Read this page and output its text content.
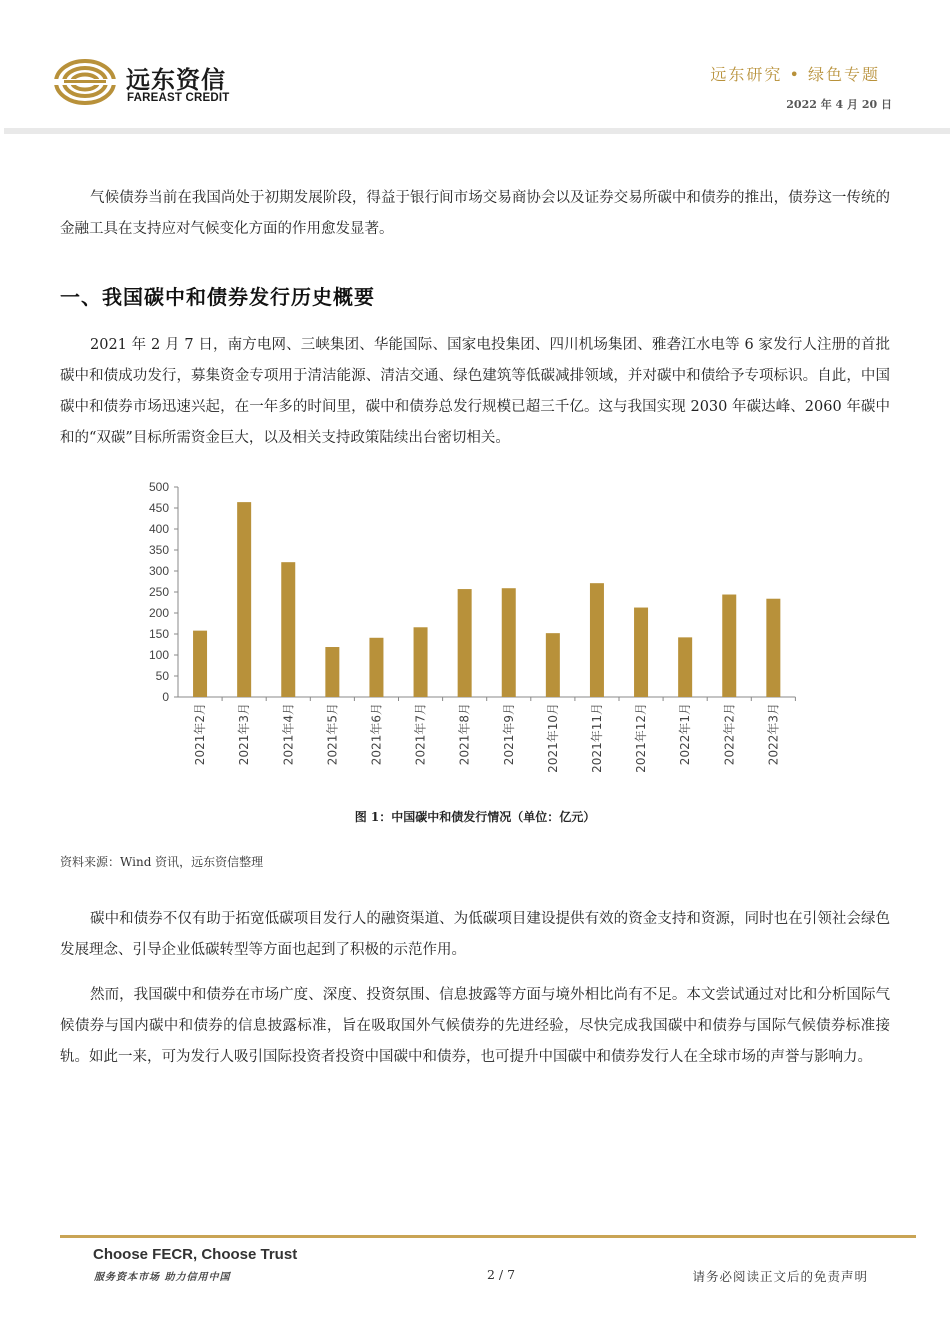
远东资信
FAREAST CREDIT
远东研究 • 绿色专题
2022 年 4 月 20 日
气候债券当前在我国尚处于初期发展阶段，得益于银行间市场交易商协会以及证券交易所碳中和债券的推出，债券这一传统的金融工具在支持应对气候变化方面的作用愈发显著。
一、我国碳中和债券发行历史概要
2021 年 2 月 7 日，南方电网、三峡集团、华能国际、国家电投集团、四川机场集团、雅砻江水电等 6 家发行人注册的首批碳中和债成功发行，募集资金专项用于清洁能源、清洁交通、绿色建筑等低碳减排领域，并对碳中和债给予专项标识。自此，中国碳中和债券市场迅速兴起，在一年多的时间里，碳中和债券总发行规模已超三千亿。这与我国实现 2030 年碳达峰、2060 年碳中和的“双碳”目标所需资金巨大，以及相关支持政策陆续出台密切相关。
0
50
100
150
200
250
300
350
400
450
500
2021年2月	2021年3月	2021年4月	2021年5月	2021年6月	2021年7月	2021年8月	2021年9月	2021年10月	2021年11月	2021年12月	2022年1月	2022年2月	2022年3月
图 1：中国碳中和债发行情况（单位：亿元）
资料来源：Wind 资讯，远东资信整理
碳中和债券不仅有助于拓宽低碳项目发行人的融资渠道、为低碳项目建设提供有效的资金支持和资源，同时也在引领社会绿色发展理念、引导企业低碳转型等方面也起到了积极的示范作用。
然而，我国碳中和债券在市场广度、深度、投资氛围、信息披露等方面与境外相比尚有不足。本文尝试通过对比和分析国际气候债券与国内碳中和债券的信息披露标准，旨在吸取国外气候债券的先进经验，尽快完成我国碳中和债券与国际气候债券标准接轨。如此一来，可为发行人吸引国际投资者投资中国碳中和债券，也可提升中国碳中和债券发行人在全球市场的声誉与影响力。
Choose FECR, Choose Trust
服务资本市场 助力信用中国	2 / 7	请务必阅读正文后的免责声明
